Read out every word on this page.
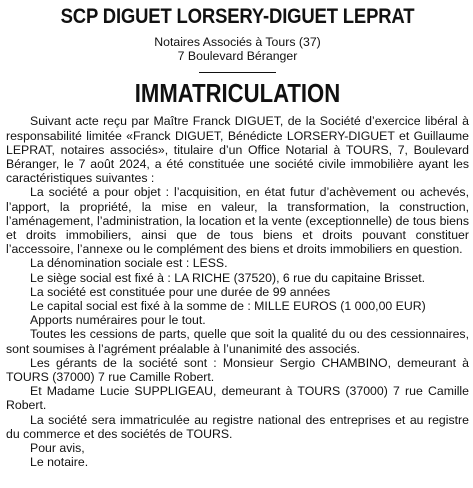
SCP DIGUET LORSERY-DIGUET LEPRAT
Notaires Associés à Tours (37)
7 Boulevard Béranger
IMMATRICULATION

Suivant acte reçu par Maître Franck DIGUET, de la Société d’exercice libéral à responsabilité limitée «Franck DIGUET, Bénédicte LORSERY-DIGUET et Guillaume LEPRAT, notaires associés», titulaire d’un Office Notarial à TOURS, 7, Boulevard Béranger, le 7 août 2024, a été constituée une société civile immobilière ayant les caractéristiques suivantes :

La société a pour objet : l’acquisition, en état futur d’achèvement ou achevés, l’apport, la propriété, la mise en valeur, la transformation, la construction, l’aménagement, l’administration, la location et la vente (exceptionnelle) de tous biens et droits immobiliers, ainsi que de tous biens et droits pouvant constituer l’accessoire, l’annexe ou le complément des biens et droits immobiliers en question.

La dénomination sociale est : LESS.

Le siège social est fixé à : LA RICHE (37520), 6 rue du capitaine Brisset.

La société est constituée pour une durée de 99 années

Le capital social est fixé à la somme de : MILLE EUROS (1 000,00 EUR)

Apports numéraires pour le tout.

Toutes les cessions de parts, quelle que soit la qualité du ou des cessionnaires, sont soumises à l’agrément préalable à l’unanimité des associés.

Les gérants de la société sont : Monsieur Sergio CHAMBINO, demeurant à TOURS (37000) 7 rue Camille Robert.

Et Madame Lucie SUPPLIGEAU, demeurant à TOURS (37000) 7 rue Camille Robert.

La société sera immatriculée au registre national des entreprises et au registre du commerce et des sociétés de TOURS.

Pour avis,

Le notaire.
